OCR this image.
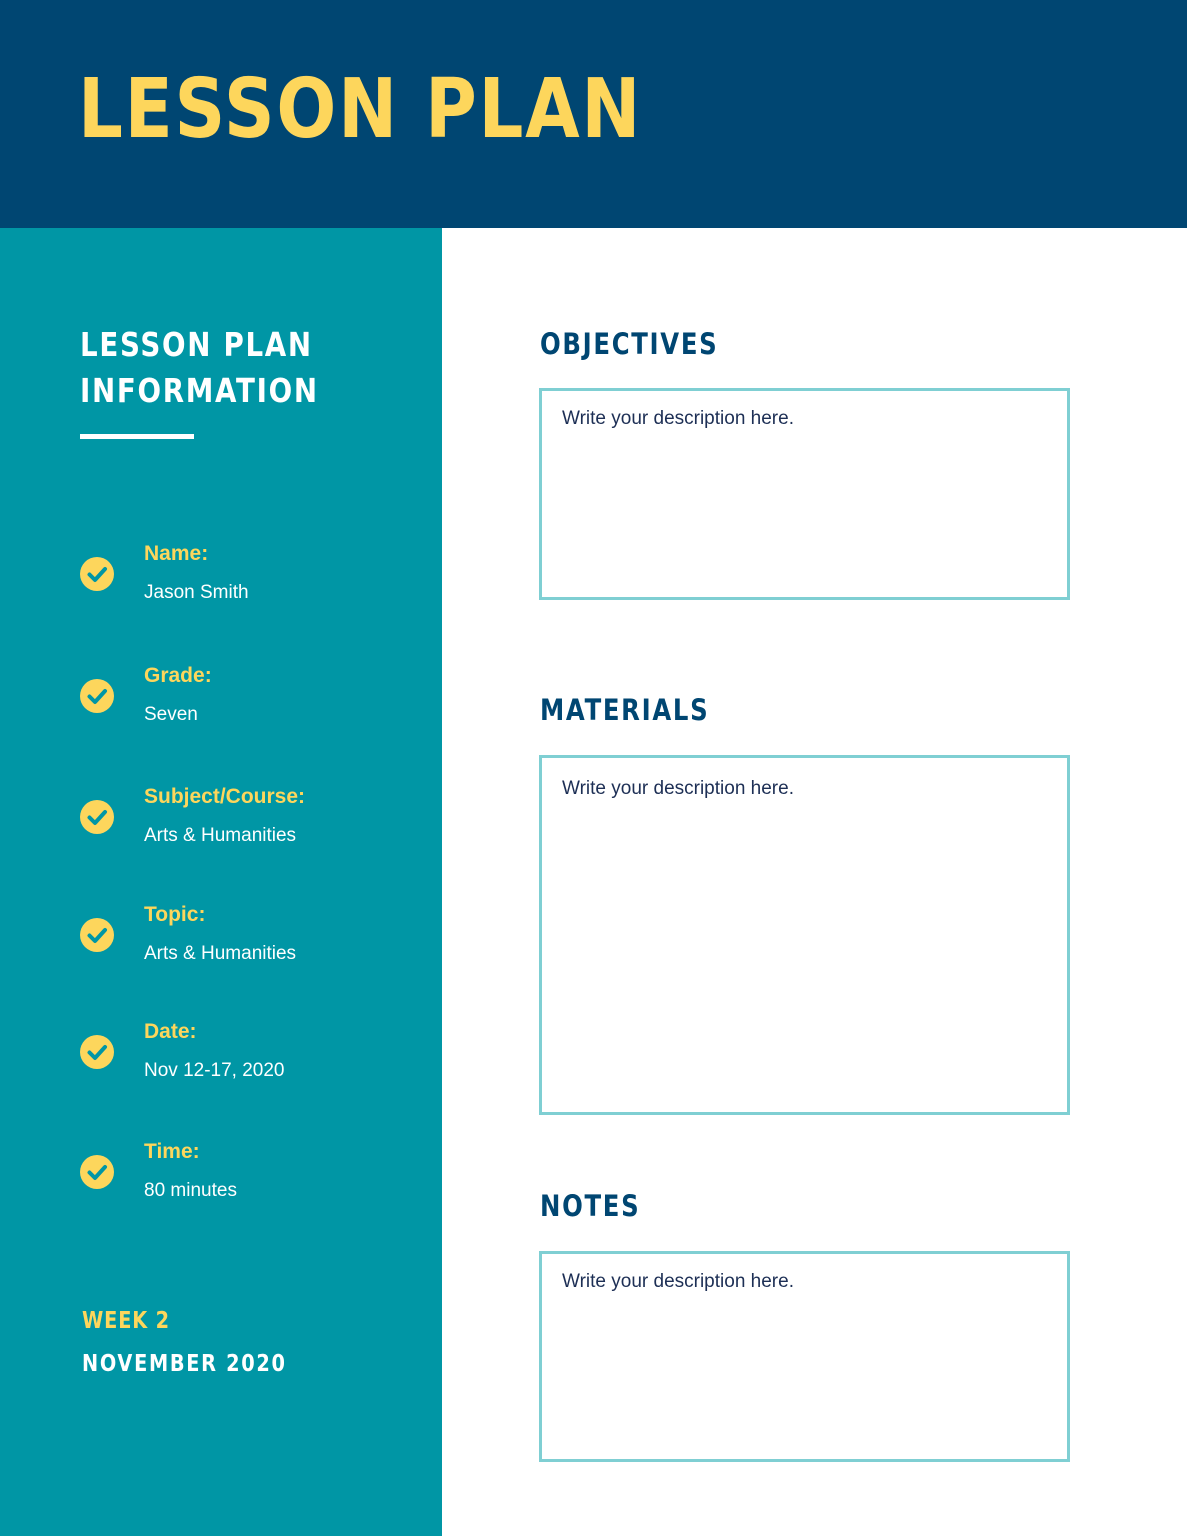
LESSON PLAN
LESSON PLAN
INFORMATION
Name:
Jason Smith
Grade:
Seven
Subject/Course:
Arts & Humanities
Topic:
Arts & Humanities
Date:
Nov 12-17, 2020
Time:
80 minutes
WEEK 2
NOVEMBER 2020
OBJECTIVES
Write your description here.
MATERIALS
Write your description here.
NOTES
Write your description here.
